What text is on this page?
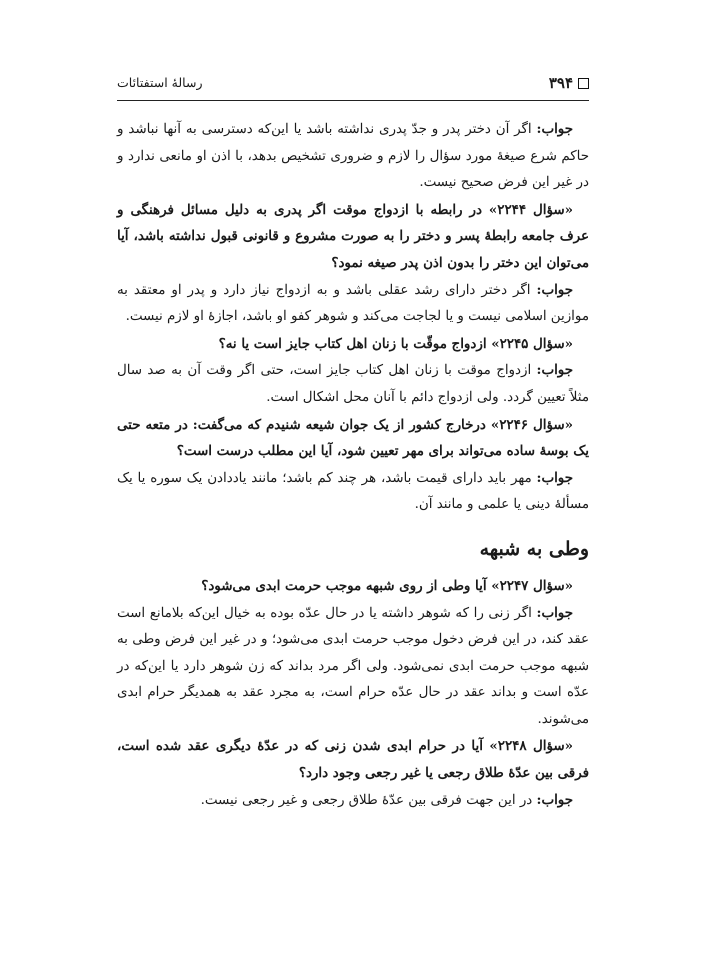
۳۹۴
رسالهٔ استفتائات

جواب: اگر آن دختر پدر و جدّ پدری نداشته باشد یا این‌که دسترسی به آنها نباشد و حاکم شرع صیغهٔ مورد سؤال را لازم و ضروری تشخیص بدهد، با اذن او مانعی ندارد و در غیر این فرض صحیح نیست.

«سؤال ۲۲۴۴» در رابطه با ازدواج موقت اگر پدری به دلیل مسائل فرهنگی و عرف جامعه رابطهٔ پسر و دختر را به صورت مشروع و قانونی قبول نداشته باشد، آیا می‌توان این دختر را بدون اذن پدر صیغه نمود؟

جواب: اگر دختر دارای رشد عقلی باشد و به ازدواج نیاز دارد و پدر او معتقد به موازین اسلامی نیست و یا لجاجت می‌کند و شوهر کفو او باشد، اجازهٔ او لازم نیست.

«سؤال ۲۲۴۵» ازدواج موقّت با زنان اهل کتاب جایز است یا نه؟

جواب: ازدواج موقت با زنان اهل کتاب جایز است، حتی اگر وقت آن به صد سال مثلاً تعیین گردد. ولی ازدواج دائم با آنان محل اشکال است.

«سؤال ۲۲۴۶» درخارج کشور از یک جوان شیعه شنیدم که می‌گفت: در متعه حتی یک بوسهٔ ساده می‌تواند برای مهر تعیین شود، آیا این مطلب درست است؟

جواب: مهر باید دارای قیمت باشد، هر چند کم باشد؛ مانند یاددادن یک سوره یا یک مسألهٔ دینی یا علمی و مانند آن.

وطی به شبهه

«سؤال ۲۲۴۷» آیا وطی از روی شبهه موجب حرمت ابدی می‌شود؟

جواب: اگر زنی را که شوهر داشته یا در حال عدّه بوده به خیال این‌که بلامانع است عقد کند، در این فرض دخول موجب حرمت ابدی می‌شود؛ و در غیر این فرض وطی به شبهه موجب حرمت ابدی نمی‌شود. ولی اگر مرد بداند که زن شوهر دارد یا این‌که در عدّه است و بداند عقد در حال عدّه حرام است، به مجرد عقد به همدیگر حرام ابدی می‌شوند.

«سؤال ۲۲۴۸» آیا در حرام ابدی شدن زنی که در عدّهٔ دیگری عقد شده است، فرقی بین عدّهٔ طلاق رجعی یا غیر رجعی وجود دارد؟

جواب: در این جهت فرقی بین عدّهٔ طلاق رجعی و غیر رجعی نیست.
